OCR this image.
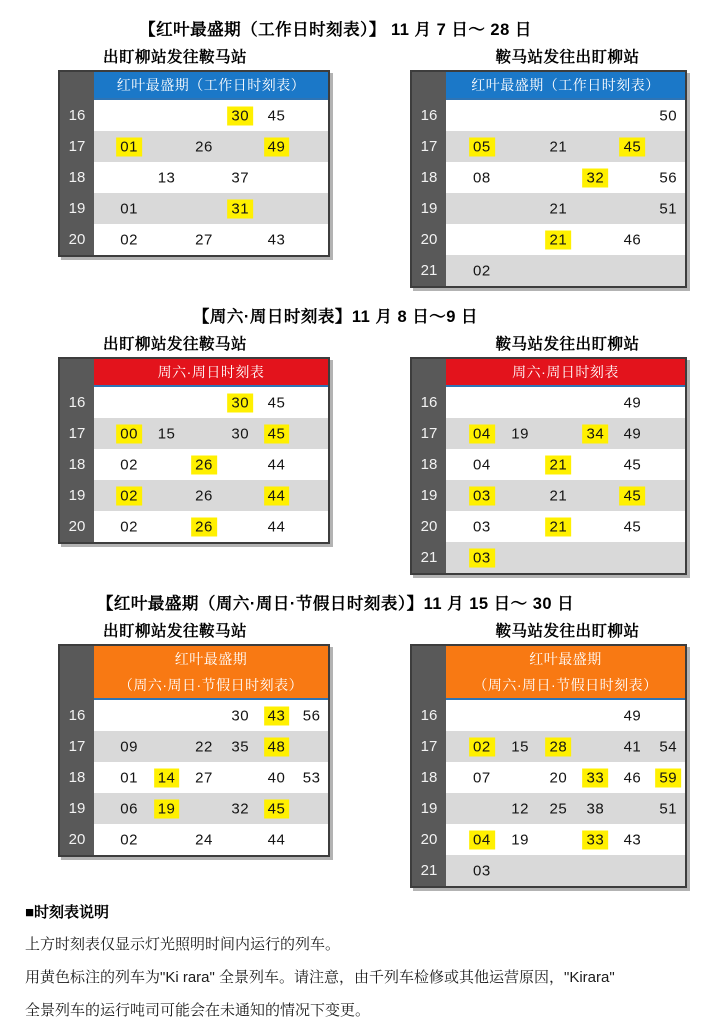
【红叶最盛期（工作日时刻表）】 11 月 7 日～ 28 日
出盯柳站发往鞍马站
红叶最盛期（工作日时刻表）
16	30 45
17	01	26	49
18	13	37
19	01	31
20	02	27	43
鞍马站发往出盯柳站
红叶最盛期（工作日时刻表）
16	50
17	05	21	45
18	08	32	56
19	21	51
20	21	46
21	02
【周六·周日时刻表】11 月 8 日～9 日
出盯柳站发往鞍马站
周六·周日时刻表
16	30 45
17	00 15	30 45
18	02	26	44
19	02	26	44
20	02	26	44
鞍马站发往出盯柳站
周六·周日时刻表
16	49
17	04 19	34 49
18	04	21	45
19	03	21	45
20	03	21	45
21	03
【红叶最盛期（周六·周日·节假日时刻表）】11 月 15 日～ 30 日
出盯柳站发往鞍马站
红叶最盛期
（周六·周日·节假日时刻表）
16	30 43 56
17	09	22 35 48
18	01 14 27	40 53
19	06 19	32 45
20	02	24	44
鞍马站发往出盯柳站
红叶最盛期
（周六·周日·节假日时刻表）
16	49
17	02 15 28	41 54
18	07	20 33 46 59
19	12 25 38	51
20	04 19	33 43
21	03

■时刻表说明

上方时刻表仅显示灯光照明时间内运行的列车。

用黄色标注的列车为"Ki rara" 全景列车。请注意，由千列车检修或其他运营原因，"Kirara"

全景列车的运行吨司可能会在未通知的情况下变更。
